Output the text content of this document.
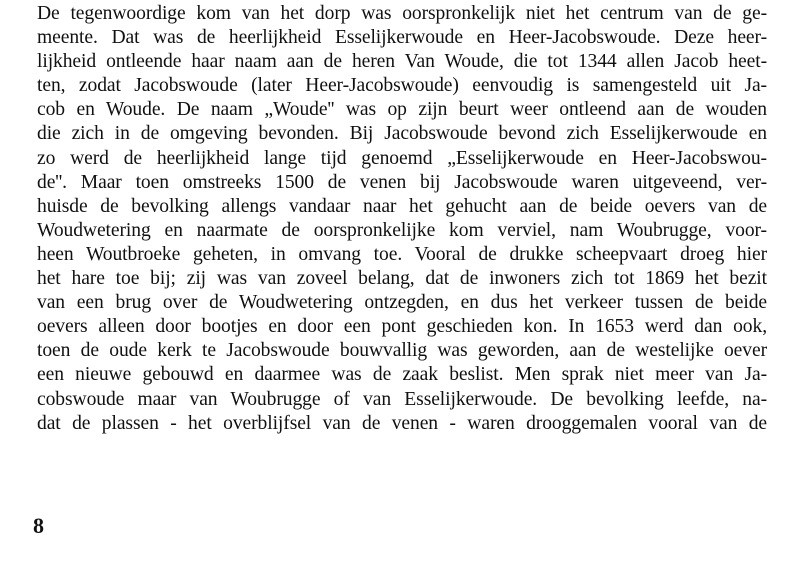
De tegenwoordige kom van het dorp was oorspronkelijk niet het centrum van de ge-
meente. Dat was de heerlijkheid Esselijkerwoude en Heer-Jacobswoude. Deze heer-
lijkheid ontleende haar naam aan de heren Van Woude, die tot 1344 allen Jacob heet-
ten, zodat Jacobswoude (later Heer-Jacobswoude) eenvoudig is samengesteld uit Ja-
cob en Woude. De naam „Woude'' was op zijn beurt weer ontleend aan de wouden
die zich in de omgeving bevonden. Bij Jacobswoude bevond zich Esselijkerwoude en
zo werd de heerlijkheid lange tijd genoemd „Esselijkerwoude en Heer-Jacobswou-
de''. Maar toen omstreeks 1500 de venen bij Jacobswoude waren uitgeveend, ver-
huisde de bevolking allengs vandaar naar het gehucht aan de beide oevers van de
Woudwetering en naarmate de oorspronkelijke kom verviel, nam Woubrugge, voor-
heen Woutbroeke geheten, in omvang toe. Vooral de drukke scheepvaart droeg hier
het hare toe bij; zij was van zoveel belang, dat de inwoners zich tot 1869 het bezit
van een brug over de Woudwetering ontzegden, en dus het verkeer tussen de beide
oevers alleen door bootjes en door een pont geschieden kon. In 1653 werd dan ook,
toen de oude kerk te Jacobswoude bouwvallig was geworden, aan de westelijke oever
een nieuwe gebouwd en daarmee was de zaak beslist. Men sprak niet meer van Ja-
cobswoude maar van Woubrugge of van Esselijkerwoude. De bevolking leefde, na-
dat de plassen - het overblijfsel van de venen - waren drooggemalen vooral van de
8
